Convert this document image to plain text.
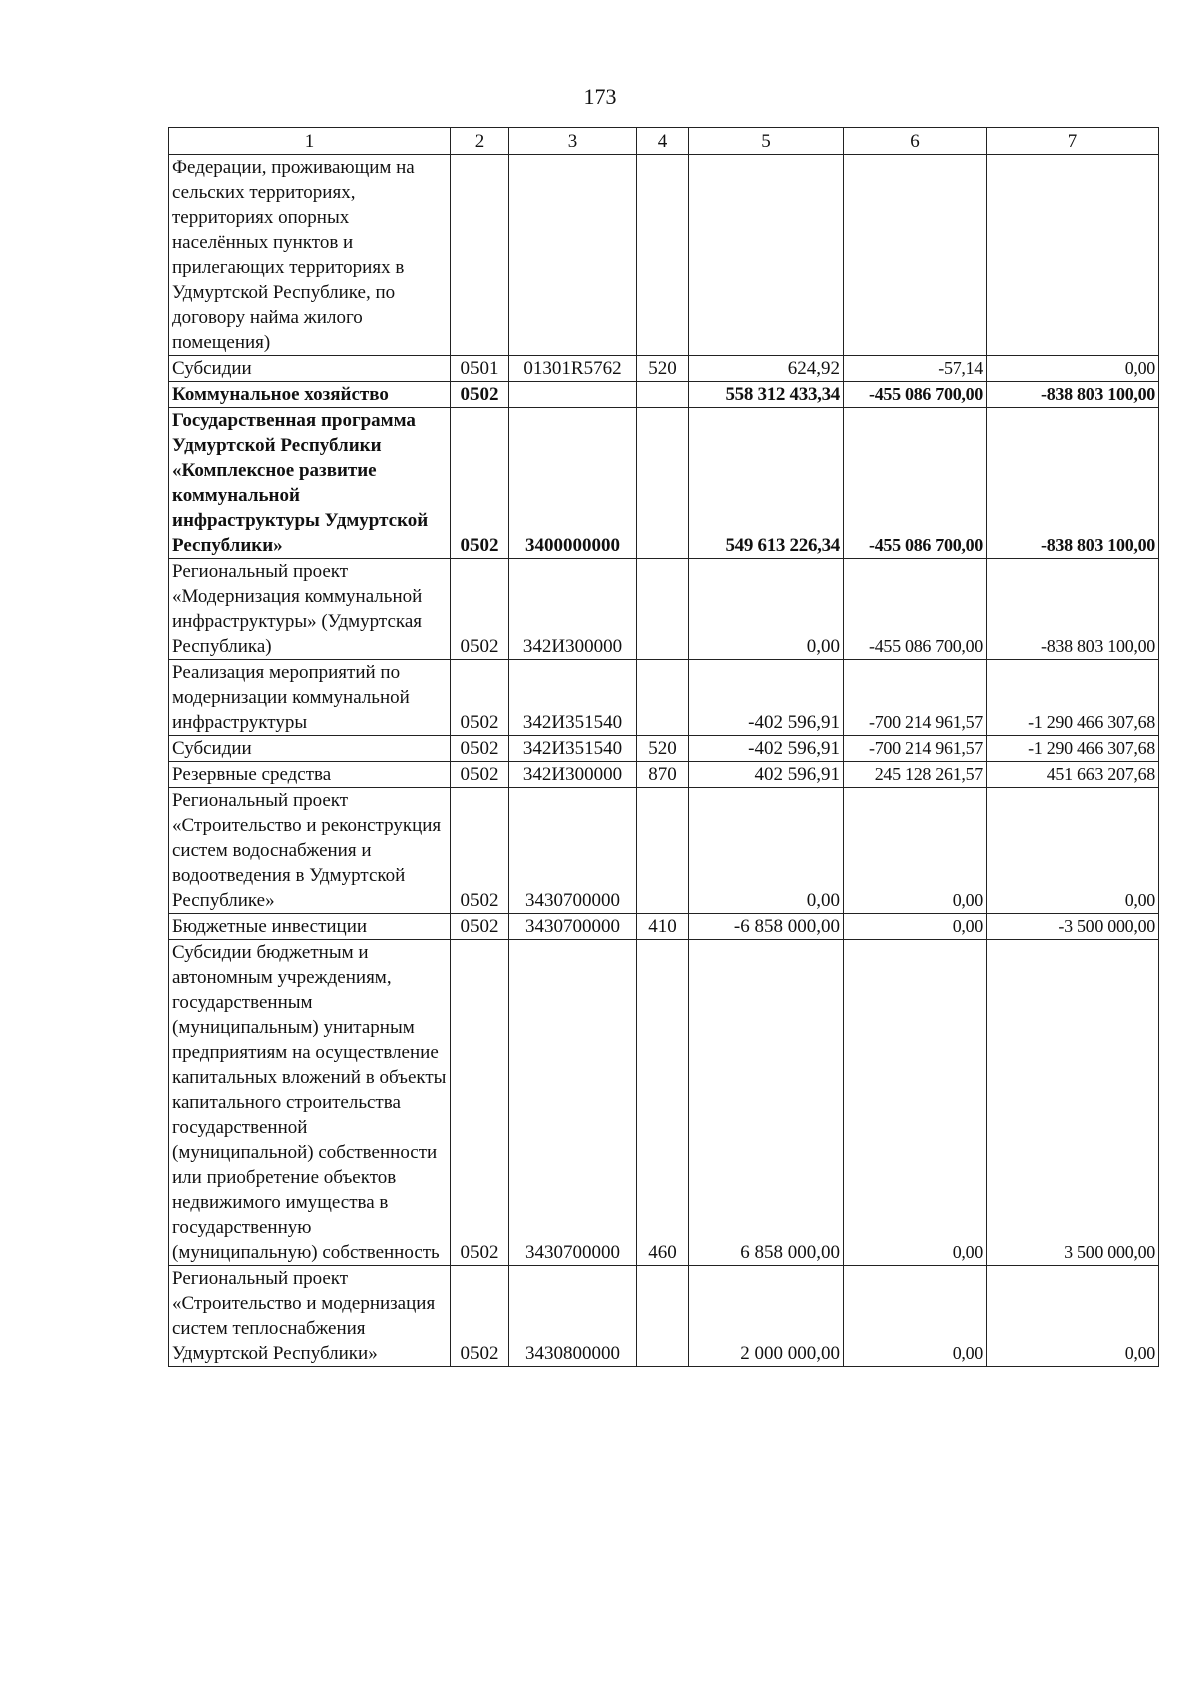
173
1	2	3	4	5	6	7
Федерации, проживающим на сельских территориях, территориях опорных населённых пунктов и прилегающих территориях в Удмуртской Республике, по договору найма жилого помещения)						
Субсидии	0501	01301R5762	520	624,92	-57,14	0,00
Коммунальное хозяйство	0502			558 312 433,34	-455 086 700,00	-838 803 100,00
Государственная программа Удмуртской Республики «Комплексное развитие коммунальной инфраструктуры Удмуртской Республики»	0502	3400000000		549 613 226,34	-455 086 700,00	-838 803 100,00
Региональный проект «Модернизация коммунальной инфраструктуры» (Удмуртская Республика)	0502	342И300000		0,00	-455 086 700,00	-838 803 100,00
Реализация мероприятий по модернизации коммунальной инфраструктуры	0502	342И351540		-402 596,91	-700 214 961,57	-1 290 466 307,68
Субсидии	0502	342И351540	520	-402 596,91	-700 214 961,57	-1 290 466 307,68
Резервные средства	0502	342И300000	870	402 596,91	245 128 261,57	451 663 207,68
Региональный проект «Строительство и реконструкция систем водоснабжения и водоотведения в Удмуртской Республике»	0502	3430700000		0,00	0,00	0,00
Бюджетные инвестиции	0502	3430700000	410	-6 858 000,00	0,00	-3 500 000,00
Субсидии бюджетным и автономным учреждениям, государственным (муниципальным) унитарным предприятиям на осуществление капитальных вложений в объекты капитального строительства государственной (муниципальной) собственности или приобретение объектов недвижимого имущества в государственную (муниципальную) собственность	0502	3430700000	460	6 858 000,00	0,00	3 500 000,00
Региональный проект «Строительство и модернизация систем теплоснабжения Удмуртской Республики»	0502	3430800000		2 000 000,00	0,00	0,00
